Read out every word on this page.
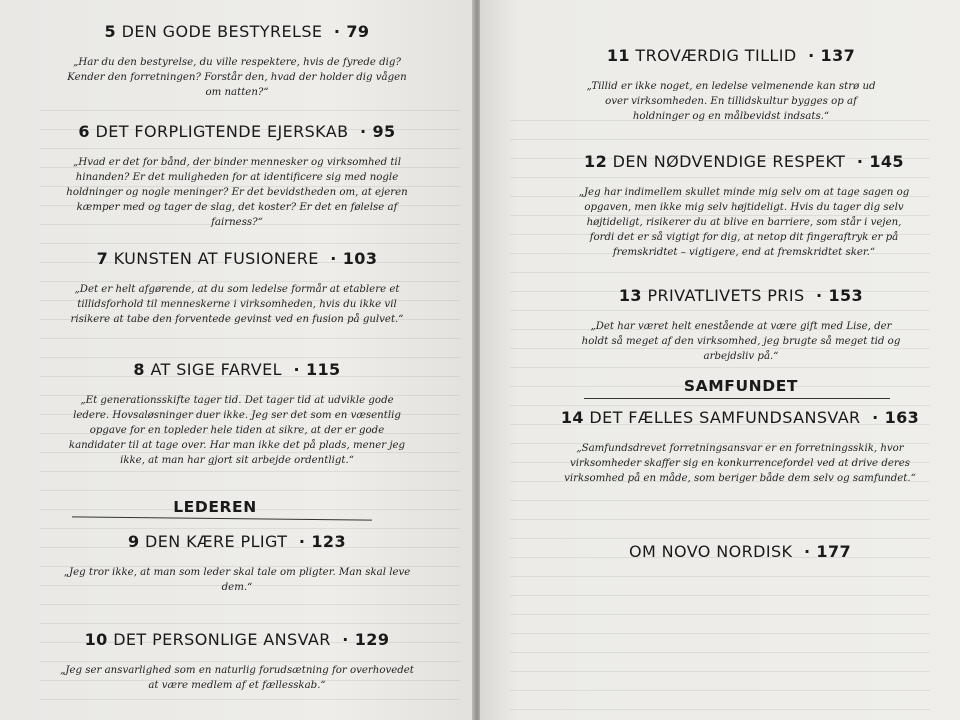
5 DEN GODE BESTYRELSE · 79
„Har du den bestyrelse, du ville respektere, hvis de fyrede dig? Kender den forretningen? Forstår den, hvad der holder dig vågen om natten?“
6 DET FORPLIGTENDE EJERSKAB · 95
„Hvad er det for bånd, der binder mennesker og virksomhed til hinanden? Er det muligheden for at identificere sig med nogle holdninger og nogle meninger? Er det bevidstheden om, at ejeren kæmper med og tager de slag, det koster? Er det en følelse af fairness?“
7 KUNSTEN AT FUSIONERE · 103
„Det er helt afgørende, at du som ledelse formår at etablere et tillidsforhold til menneskerne i virksomheden, hvis du ikke vil risikere at tabe den forventede gevinst ved en fusion på gulvet.“
8 AT SIGE FARVEL · 115
„Et generationsskifte tager tid. Det tager tid at udvikle gode ledere. Hovsaløsninger duer ikke. Jeg ser det som en væsentlig opgave for en topleder hele tiden at sikre, at der er gode kandidater til at tage over. Har man ikke det på plads, mener jeg ikke, at man har gjort sit arbejde ordentligt.“
LEDEREN
9 DEN KÆRE PLIGT · 123
„Jeg tror ikke, at man som leder skal tale om pligter. Man skal leve dem.“
10 DET PERSONLIGE ANSVAR · 129
„Jeg ser ansvarlighed som en naturlig forudsætning for overhovedet at være medlem af et fællesskab.“
11 TROVÆRDIG TILLID · 137
„Tillid er ikke noget, en ledelse velmenende kan strø ud over virksomheden. En tillidskultur bygges op af holdninger og en målbevidst indsats.“
12 DEN NØDVENDIGE RESPEKT · 145
„Jeg har indimellem skullet minde mig selv om at tage sagen og opgaven, men ikke mig selv højtideligt. Hvis du tager dig selv højtideligt, risikerer du at blive en barriere, som står i vejen, fordi det er så vigtigt for dig, at netop dit fingeraftryk er på fremskridtet – vigtigere, end at fremskridtet sker.“
13 PRIVATLIVETS PRIS · 153
„Det har været helt enestående at være gift med Lise, der holdt så meget af den virksomhed, jeg brugte så meget tid og arbejdsliv på.“
SAMFUNDET
14 DET FÆLLES SAMFUNDSANSVAR · 163
„Samfundsdrevet forretningsansvar er en forretningsskik, hvor virksomheder skaffer sig en konkurrencefordel ved at drive deres virksomhed på en måde, som beriger både dem selv og samfundet.“
OM NOVO NORDISK · 177
